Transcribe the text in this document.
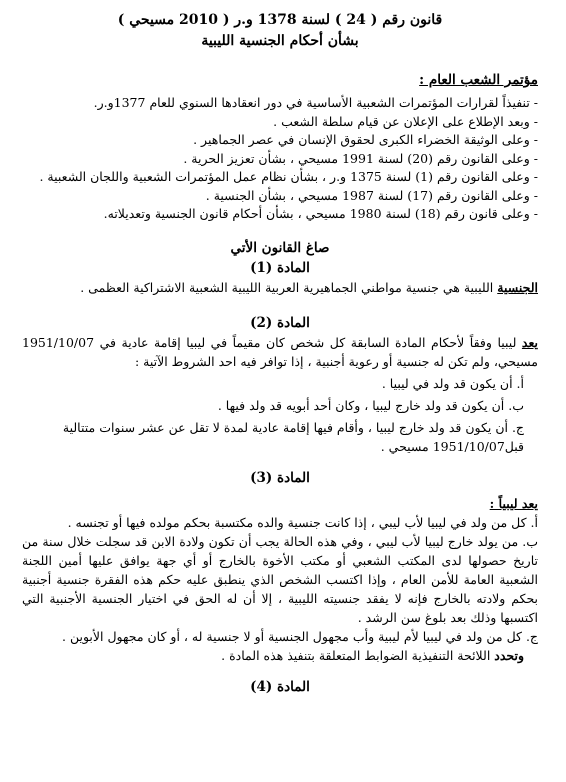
قانون رقم ( 24 ) لسنة 1378 و.ر ( 2010 مسيحي )

بشأن أحكام الجنسية الليبية

مؤتمر الشعب العام :

- تنفيذاً لقرارات المؤتمرات الشعبية الأساسية في دور انعقادها السنوي للعام 1377و.ر.
- وبعد الإطلاع على الإعلان عن قيام سلطة الشعب .
- وعلى الوثيقة الخضراء الكبرى لحقوق الإنسان في عصر الجماهير .
- وعلى القانون رقم (20) لسنة 1991 مسيحي ، بشأن تعزيز الحرية .
- وعلى القانون رقم (1) لسنة 1375 و.ر ، بشأن نظام عمل المؤتمرات الشعبية واللجان الشعبية .
- وعلى القانون رقم (17) لسنة 1987 مسيحي ، بشأن الجنسية .
- وعلى قانون رقم (18) لسنة 1980 مسيحي ، بشأن أحكام قانون الجنسية وتعديلاته.

صاغ القانون الأتي

المادة (1)

الجنسية الليبية هي جنسية مواطني الجماهيرية العربية الليبية الشعبية الاشتراكية العظمى .

المادة (2)

يعد ليبيا وفقاً لأحكام المادة السابقة كل شخص كان مقيماً في ليبيا إقامة عادية في 1951/10/07 مسيحي، ولم تكن له جنسية أو رعوية أجنبية ، إذا توافر فيه احد الشروط الآتية :

أ. أن يكون قد ولد في ليبيا .

ب. أن يكون قد ولد خارج ليبيا ، وكان أحد أبويه قد ولد فيها .

ج. أن يكون قد ولد خارج ليبيا ، وأقام فيها إقامة عادية لمدة لا تقل عن عشر سنوات متتالية قبل1951/10/07 مسيحي .

المادة (3)

يعد ليبياً :

أ. كل من ولد في ليبيا لأب ليبي ، إذا كانت جنسية والده مكتسبة بحكم مولده فيها أو تجنسه .

ب. من يولد خارج ليبيا لأب ليبي ، وفي هذه الحالة يجب أن تكون ولادة الابن قد سجلت خلال سنة من تاريخ حصولها لدى المكتب الشعبي أو مكتب الأخوة بالخارج أو أي جهة يوافق عليها أمين اللجنة الشعبية العامة للأمن العام ، وإذا اكتسب الشخص الذي ينطبق عليه حكم هذه الفقرة جنسية أجنبية بحكم ولادته بالخارج فإنه لا يفقد جنسيته الليبية ، إلا أن له الحق في اختيار الجنسية الأجنبية التي اكتسبها وذلك بعد بلوغ سن الرشد .

ج. كل من ولد في ليبيا لأم ليبية وأب مجهول الجنسية أو لا جنسية له ، أو كان مجهول الأبوين .

وتحدد اللائحة التنفيذية الضوابط المتعلقة بتنفيذ هذه المادة .

المادة (4)
